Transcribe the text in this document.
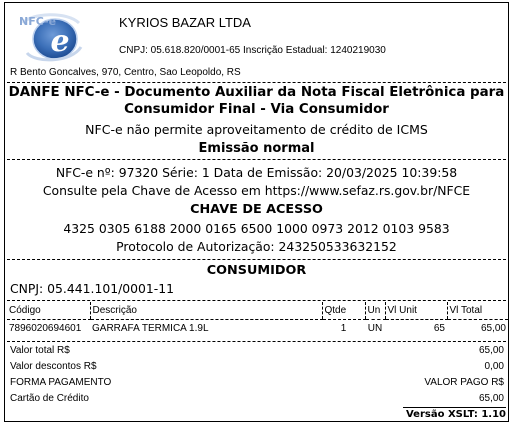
e
NFC-e	KYRIOS BAZAR LTDA
CNPJ: 05.618.820/0001-65 Inscrição Estadual: 1240219030
R Bento Goncalves, 970, Centro, Sao Leopoldo, RS
DANFE NFC-e - Documento Auxiliar da Nota Fiscal Eletrônica para
Consumidor Final - Via Consumidor
NFC-e não permite aproveitamento de crédito de ICMS
Emissão normal
NFC-e nº: 97320 Série: 1 Data de Emissão: 20/03/2025 10:39:58
Consulte pela Chave de Acesso em https://www.sefaz.rs.gov.br/NFCE
CHAVE DE ACESSO
4325 0305 6188 2000 0165 6500 1000 0973 2012 0103 9583
Protocolo de Autorização: 243250533632152
CONSUMIDOR
CNPJ: 05.441.101/0001-11
Código	Descrição	Qtde	Un	Vl Unit	Vl Total
7896020694601	GARRAFA TERMICA 1.9L	1	UN	65	65,00
Valor total R$	65,00
Valor descontos R$	0,00
FORMA PAGAMENTO	VALOR PAGO R$
Cartão de Crédito	65,00
Versão XSLT: 1.10
